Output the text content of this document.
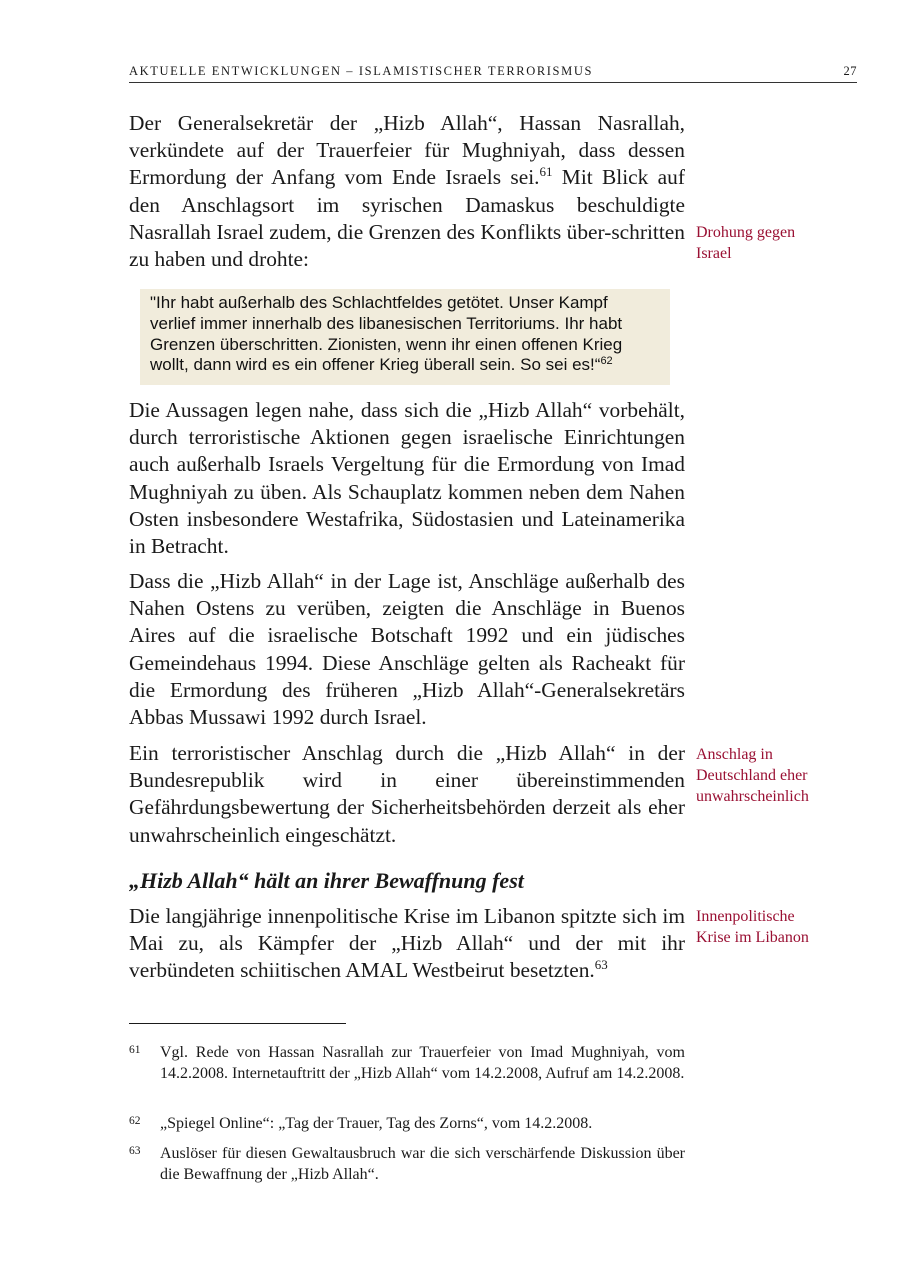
AKTUELLE ENTWICKLUNGEN – ISLAMISTISCHER TERRORISMUS	27

Der Generalsekretär der „Hizb Allah“, Hassan Nasrallah, verkündete auf der Trauerfeier für Mughniyah, dass dessen Ermordung der Anfang vom Ende Israels sei.$^{61}$ Mit Blick auf den Anschlagsort im syrischen Damaskus beschuldigte Nasrallah Israel zudem, die Grenzen des Konflikts über-schritten zu haben und drohte:

"Ihr habt außerhalb des Schlachtfeldes getötet. Unser Kampf
verlief immer innerhalb des libanesischen Territoriums. Ihr habt
Grenzen überschritten. Zionisten, wenn ihr einen offenen Krieg
wollt, dann wird es ein offener Krieg überall sein. So sei es!“$^{62}$

Die Aussagen legen nahe, dass sich die „Hizb Allah“ vorbehält, durch terroristische Aktionen gegen israelische Einrichtungen auch außerhalb Israels Vergeltung für die Ermordung von Imad Mughniyah zu üben. Als Schauplatz kommen neben dem Nahen Osten insbesondere Westafrika, Südostasien und Lateinamerika in Betracht.

Dass die „Hizb Allah“ in der Lage ist, Anschläge außerhalb des Nahen Ostens zu verüben, zeigten die Anschläge in Buenos Aires auf die israelische Botschaft 1992 und ein jüdisches Gemeindehaus 1994. Diese Anschläge gelten als Racheakt für die Ermordung des früheren „Hizb Allah“-Generalsekretärs Abbas Mussawi 1992 durch Israel.

Ein terroristischer Anschlag durch die „Hizb Allah“ in der Bundesrepublik wird in einer übereinstimmenden Gefährdungsbewertung der Sicherheitsbehörden derzeit als eher unwahrscheinlich eingeschätzt.

„Hizb Allah“ hält an ihrer Bewaffnung fest

Die langjährige innenpolitische Krise im Libanon spitzte sich im Mai zu, als Kämpfer der „Hizb Allah“ und der mit ihr verbündeten schiitischen AMAL Westbeirut besetzten.$^{63}$

Drohung gegen
Israel
Anschlag in
Deutschland eher
unwahrscheinlich
Innenpolitische
Krise im Libanon
61 Vgl. Rede von Hassan Nasrallah zur Trauerfeier von Imad Mughniyah, vom 14.2.2008. Internetauftritt der „Hizb Allah“ vom 14.2.2008, Aufruf am 14.2.2008.
62 „Spiegel Online“: „Tag der Trauer, Tag des Zorns“, vom 14.2.2008.
63 Auslöser für diesen Gewaltausbruch war die sich verschärfende Diskussion über die Bewaffnung der „Hizb Allah“.
